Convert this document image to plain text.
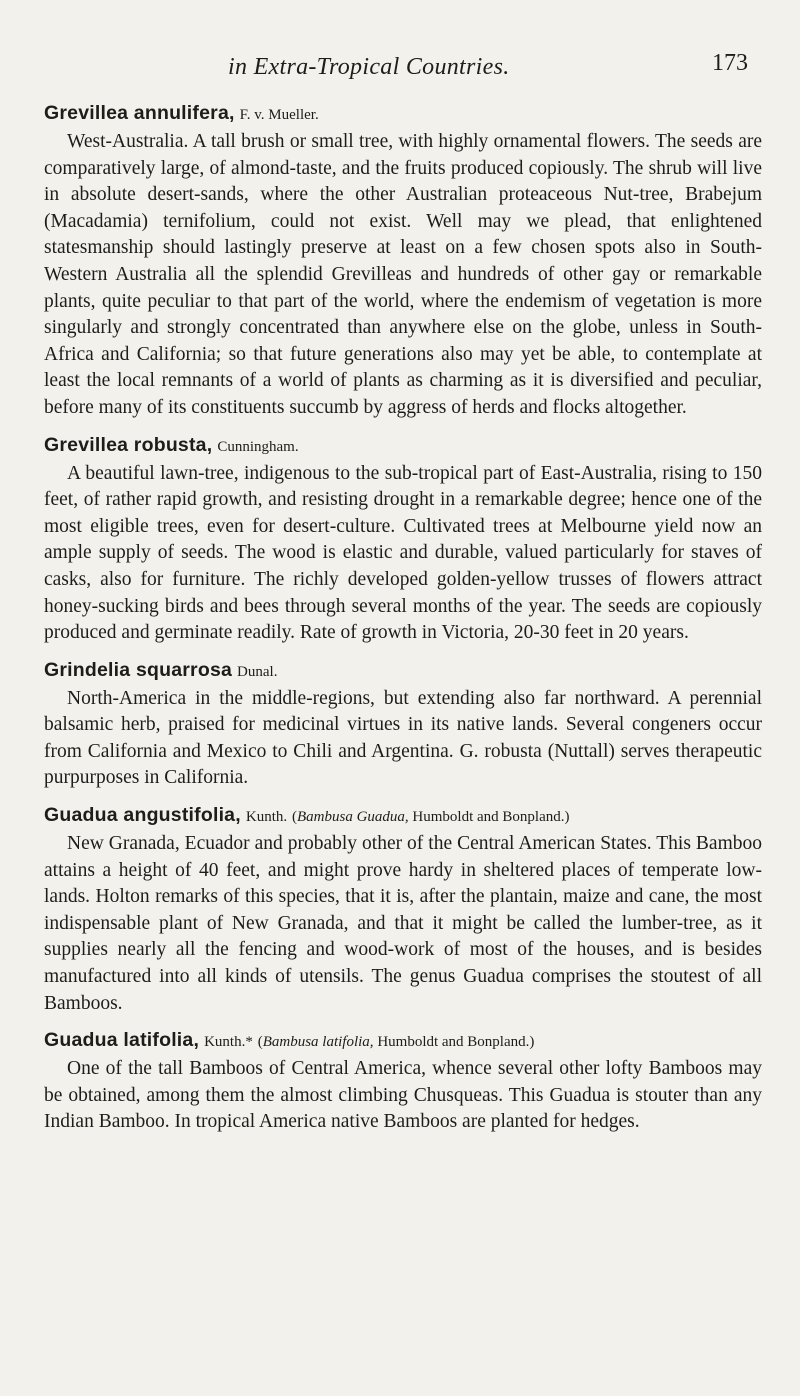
in Extra-Tropical Countries.	173
Grevillea annulifera, F. v. Mueller.

West-Australia. A tall brush or small tree, with highly ornamental flowers. The seeds are comparatively large, of almond-taste, and the fruits produced copiously. The shrub will live in absolute desert-sands, where the other Australian proteaceous Nut-tree, Brabejum (Macadamia) ternifolium, could not exist. Well may we plead, that enlightened statesmanship should lastingly preserve at least on a few chosen spots also in South-Western Australia all the splendid Grevilleas and hundreds of other gay or remarkable plants, quite peculiar to that part of the world, where the endemism of vegetation is more singularly and strongly concentrated than anywhere else on the globe, unless in South-Africa and California; so that future generations also may yet be able, to contemplate at least the local remnants of a world of plants as charming as it is diversified and peculiar, before many of its constituents succumb by aggress of herds and flocks altogether.

Grevillea robusta, Cunningham.

A beautiful lawn-tree, indigenous to the sub-tropical part of East-Australia, rising to 150 feet, of rather rapid growth, and resisting drought in a remarkable degree; hence one of the most eligible trees, even for desert-culture. Cultivated trees at Melbourne yield now an ample supply of seeds. The wood is elastic and durable, valued particularly for staves of casks, also for furniture. The richly developed golden-yellow trusses of flowers attract honey-sucking birds and bees through several months of the year. The seeds are copiously produced and germinate readily. Rate of growth in Victoria, 20-30 feet in 20 years.

Grindelia squarrosa Dunal.

North-America in the middle-regions, but extending also far northward. A perennial balsamic herb, praised for medicinal virtues in its native lands. Several congeners occur from California and Mexico to Chili and Argentina. G. robusta (Nuttall) serves therapeutic purpurposes in California.

Guadua angustifolia, Kunth. (Bambusa Guadua, Humboldt and Bonpland.)

New Granada, Ecuador and probably other of the Central American States. This Bamboo attains a height of 40 feet, and might prove hardy in sheltered places of temperate low-lands. Holton remarks of this species, that it is, after the plantain, maize and cane, the most indispensable plant of New Granada, and that it might be called the lumber-tree, as it supplies nearly all the fencing and wood-work of most of the houses, and is besides manufactured into all kinds of utensils. The genus Guadua comprises the stoutest of all Bamboos.

Guadua latifolia, Kunth.* (Bambusa latifolia, Humboldt and Bonpland.)

One of the tall Bamboos of Central America, whence several other lofty Bamboos may be obtained, among them the almost climbing Chusqueas. This Guadua is stouter than any Indian Bamboo. In tropical America native Bamboos are planted for hedges.
